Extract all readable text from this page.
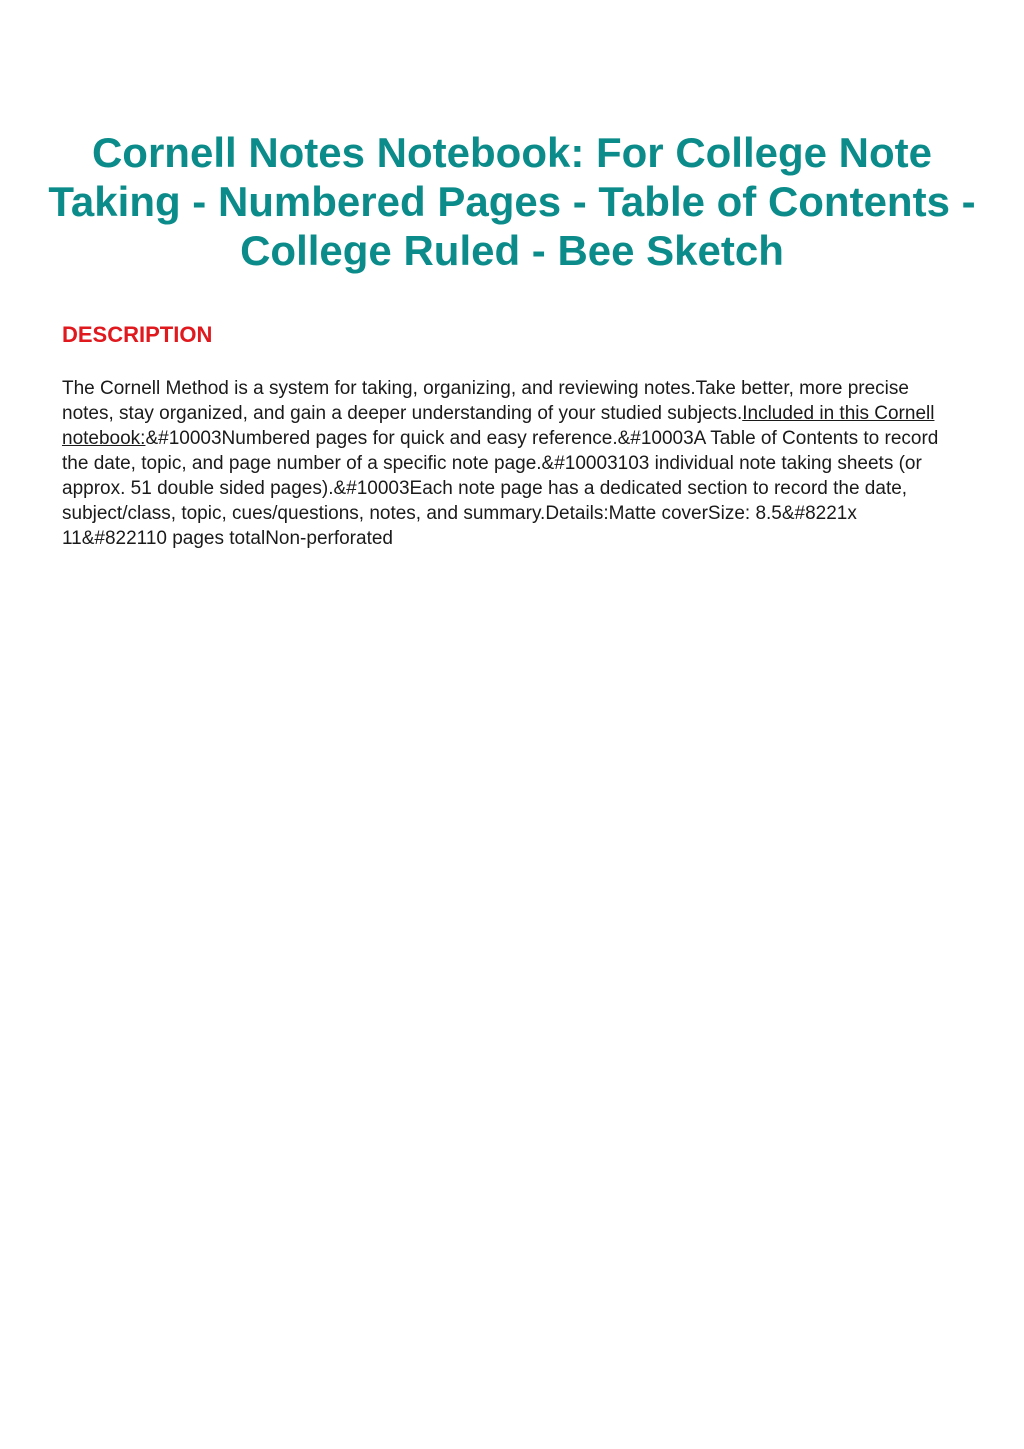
Cornell Notes Notebook: For College Note Taking - Numbered Pages - Table of Contents - College Ruled - Bee Sketch
DESCRIPTION

The Cornell Method is a system for taking, organizing, and reviewing notes.Take better, more precise notes, stay organized, and gain a deeper understanding of your studied subjects.Included in this Cornell notebook:&#10003Numbered pages for quick and easy reference.&#10003A Table of Contents to record the date, topic, and page number of a specific note page.&#10003103 individual note taking sheets (or approx. 51 double sided pages).&#10003Each note page has a dedicated section to record the date, subject/class, topic, cues/questions, notes, and summary.Details:Matte coverSize: 8.5&#8221x 11&#822110 pages totalNon-perforated
